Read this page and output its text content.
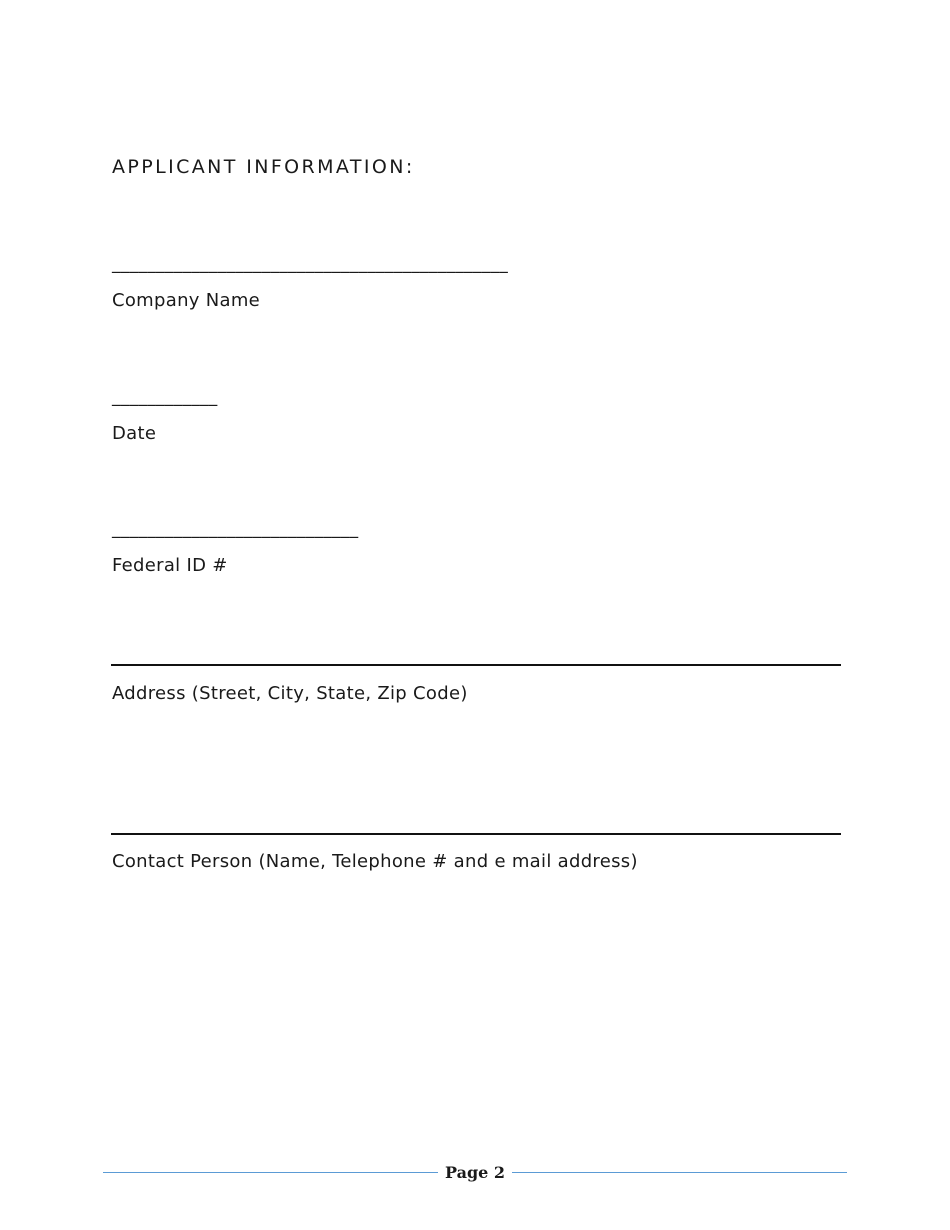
APPLICANT INFORMATION:
_____________________________________________
Company Name
____________
Date
____________________________
Federal ID #
Address (Street, City, State, Zip Code)
Contact Person (Name, Telephone # and e mail address)
Page 2
